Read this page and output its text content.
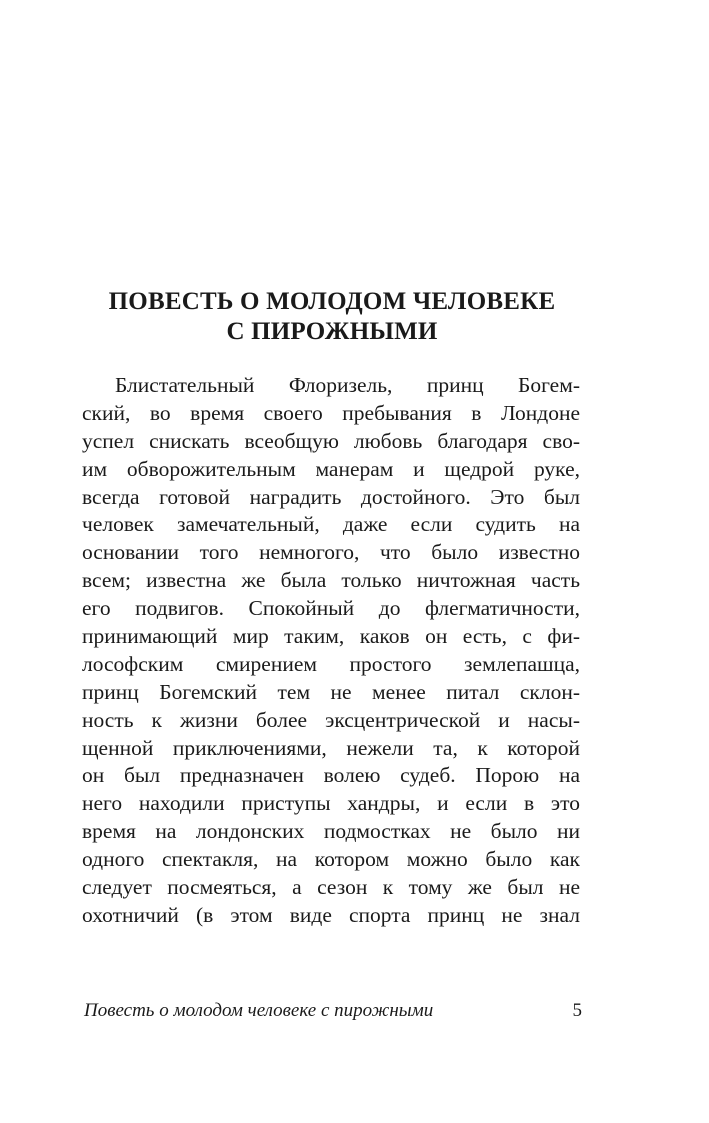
ПОВЕСТЬ О МОЛОДОМ ЧЕЛОВЕКЕ
С ПИРОЖНЫМИ
Блистательный Флоризель, принц Богем-
ский, во время своего пребывания в Лондоне
успел снискать всеобщую любовь благодаря сво-
им обворожительным манерам и щедрой руке,
всегда готовой наградить достойного. Это был
человек замечательный, даже если судить на
основании того немногого, что было известно
всем; известна же была только ничтожная часть
его подвигов. Спокойный до флегматичности,
принимающий мир таким, каков он есть, с фи-
лософским смирением простого землепашца,
принц Богемский тем не менее питал склон-
ность к жизни более эксцентрической и насы-
щенной приключениями, нежели та, к которой
он был предназначен волею судеб. Порою на
него находили приступы хандры, и если в это
время на лондонских подмостках не было ни
одного спектакля, на котором можно было как
следует посмеяться, а сезон к тому же был не
охотничий (в этом виде спорта принц не знал
Повесть о молодом человеке с пирожными	5
